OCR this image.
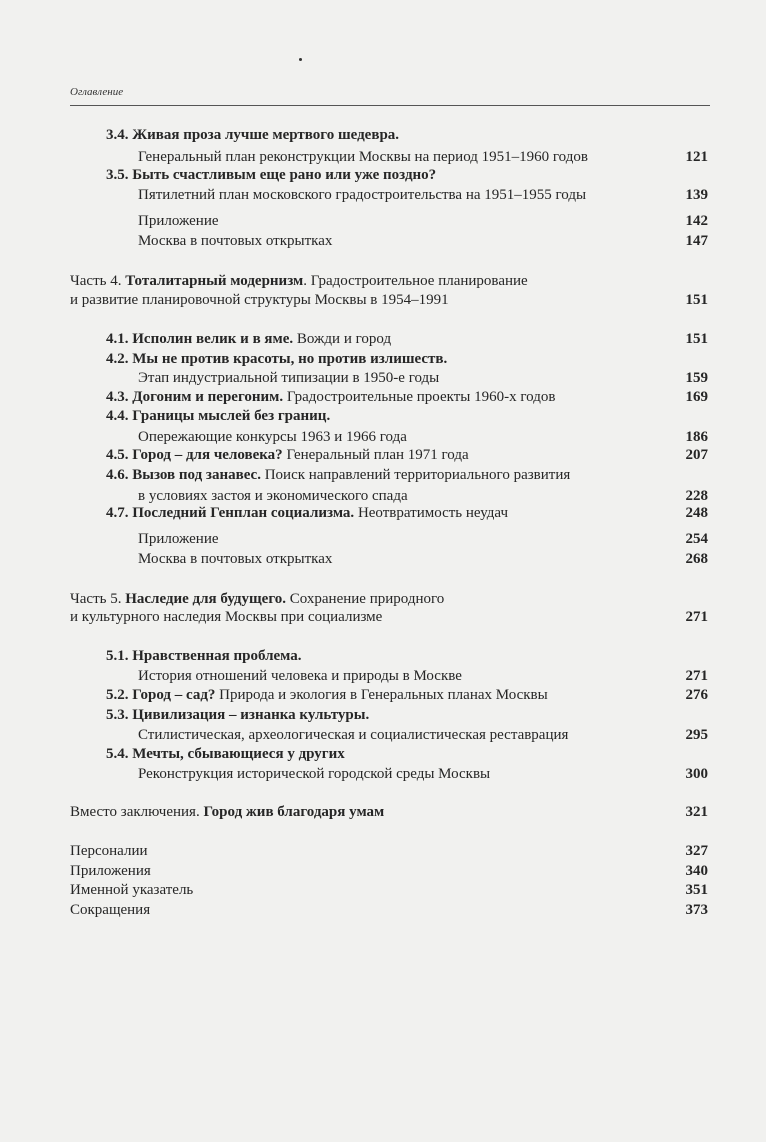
Оглавление
3.4. Живая проза лучше мертвого шедевра.
Генеральный план реконструкции Москвы на период 1951–1960 годов	121
3.5. Быть счастливым еще рано или уже поздно?
Пятилетний план московского градостроительства на 1951–1955 годы	139
Приложение	142
Москва в почтовых открытках	147
Часть 4. Тоталитарный модернизм. Градостроительное планирование
и развитие планировочной структуры Москвы в 1954–1991	151
4.1. Исполин велик и в яме. Вожди и город	151
4.2. Мы не против красоты, но против излишеств.
Этап индустриальной типизации в 1950-е годы	159
4.3. Догоним и перегоним. Градостроительные проекты 1960-х годов	169
4.4. Границы мыслей без границ.
Опережающие конкурсы 1963 и 1966 года	186
4.5. Город – для человека? Генеральный план 1971 года	207
4.6. Вызов под занавес. Поиск направлений территориального развития
в условиях застоя и экономического спада	228
4.7. Последний Генплан социализма. Неотвратимость неудач	248
Приложение	254
Москва в почтовых открытках	268
Часть 5. Наследие для будущего. Сохранение природного
и культурного наследия Москвы при социализме	271
5.1. Нравственная проблема.
История отношений человека и природы в Москве	271
5.2. Город – сад? Природа и экология в Генеральных планах Москвы	276
5.3. Цивилизация – изнанка культуры.
Стилистическая, археологическая и социалистическая реставрация	295
5.4. Мечты, сбывающиеся у других
Реконструкция исторической городской среды Москвы	300
Вместо заключения. Город жив благодаря умам	321
Персоналии	327
Приложения	340
Именной указатель	351
Сокращения	373
